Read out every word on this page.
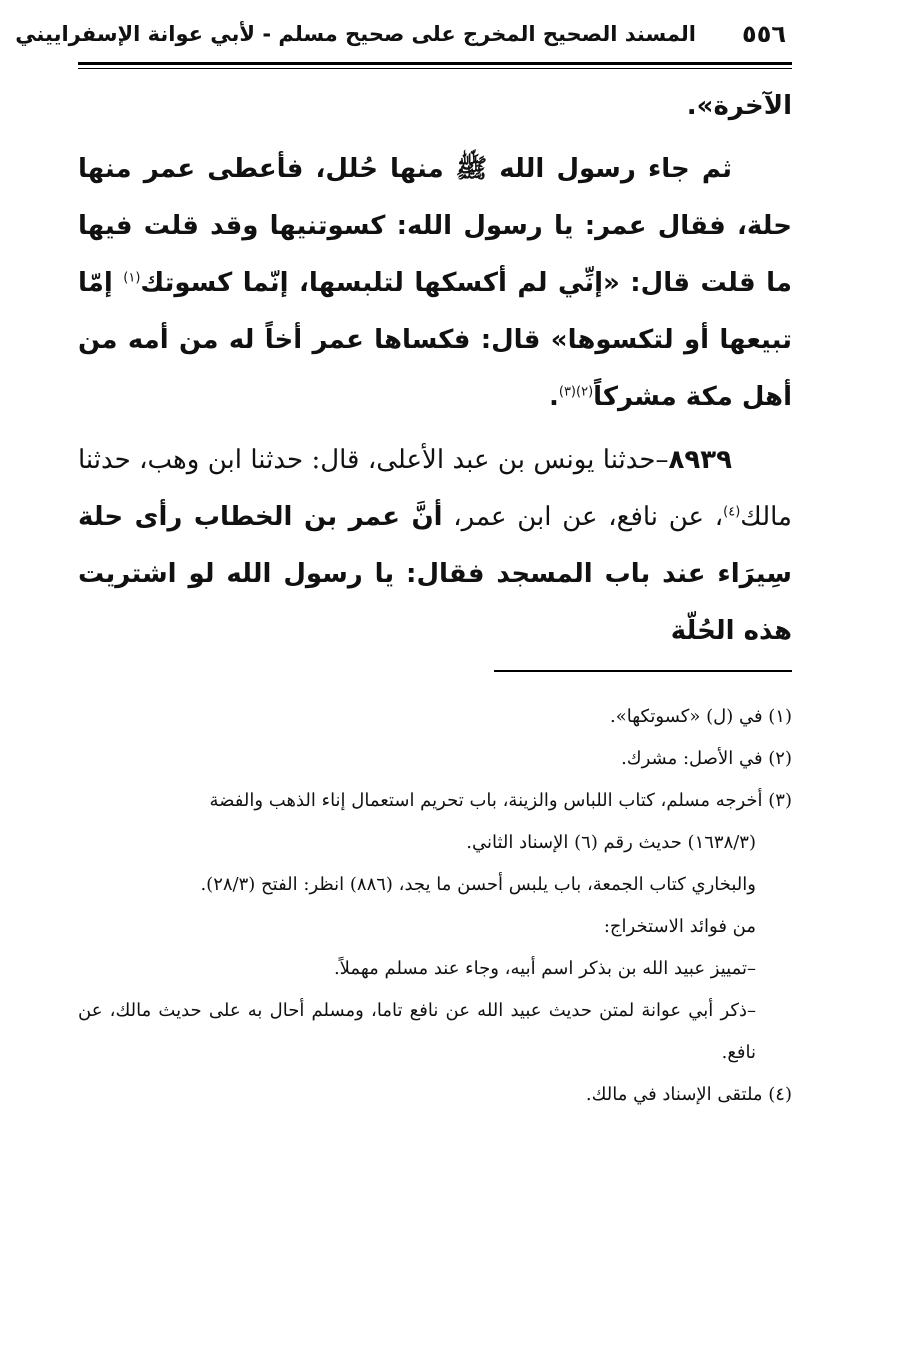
٥٥٦
المسند الصحيح المخرج على صحيح مسلم - لأبي عوانة الإسفراييني

الآخرة».

ثم جاء رسول الله ﷺ منها حُلل، فأعطى عمر منها حلة، فقال عمر: يا رسول الله: كسوتنيها وقد قلت فيها ما قلت قال: «إنِّي لم أكسكها لتلبسها، إنّما كسوتك$^{(١)}$ إمّا تبيعها أو لتكسوها» قال: فكساها عمر أخاً له من أمه من أهل مكة مشركاً$^{(٢)(٣)}$.

٨٩٣٩–حدثنا يونس بن عبد الأعلى، قال: حدثنا ابن وهب، حدثنا مالك$^{(٤)}$، عن نافع، عن ابن عمر، أنَّ عمر بن الخطاب رأى حلة سِيرَاء عند باب المسجد فقال: يا رسول الله لو اشتريت هذه الحُلّة

(١) في (ل) «كسوتكها».

(٢) في الأصل: مشرك.

(٣) أخرجه مسلم، كتاب اللباس والزينة، باب تحريم استعمال إناء الذهب والفضة

(١٦٣٨/٣) حديث رقم (٦) الإسناد الثاني.

والبخاري كتاب الجمعة، باب يلبس أحسن ما يجد، (٨٨٦) انظر: الفتح (٢٨/٣).

من فوائد الاستخراج:

–تمييز عبيد الله بن بذكر اسم أبيه، وجاء عند مسلم مهملاً.

–ذكر أبي عوانة لمتن حديث عبيد الله عن نافع تاما، ومسلم أحال به على حديث مالك، عن نافع.

(٤) ملتقى الإسناد في مالك.
